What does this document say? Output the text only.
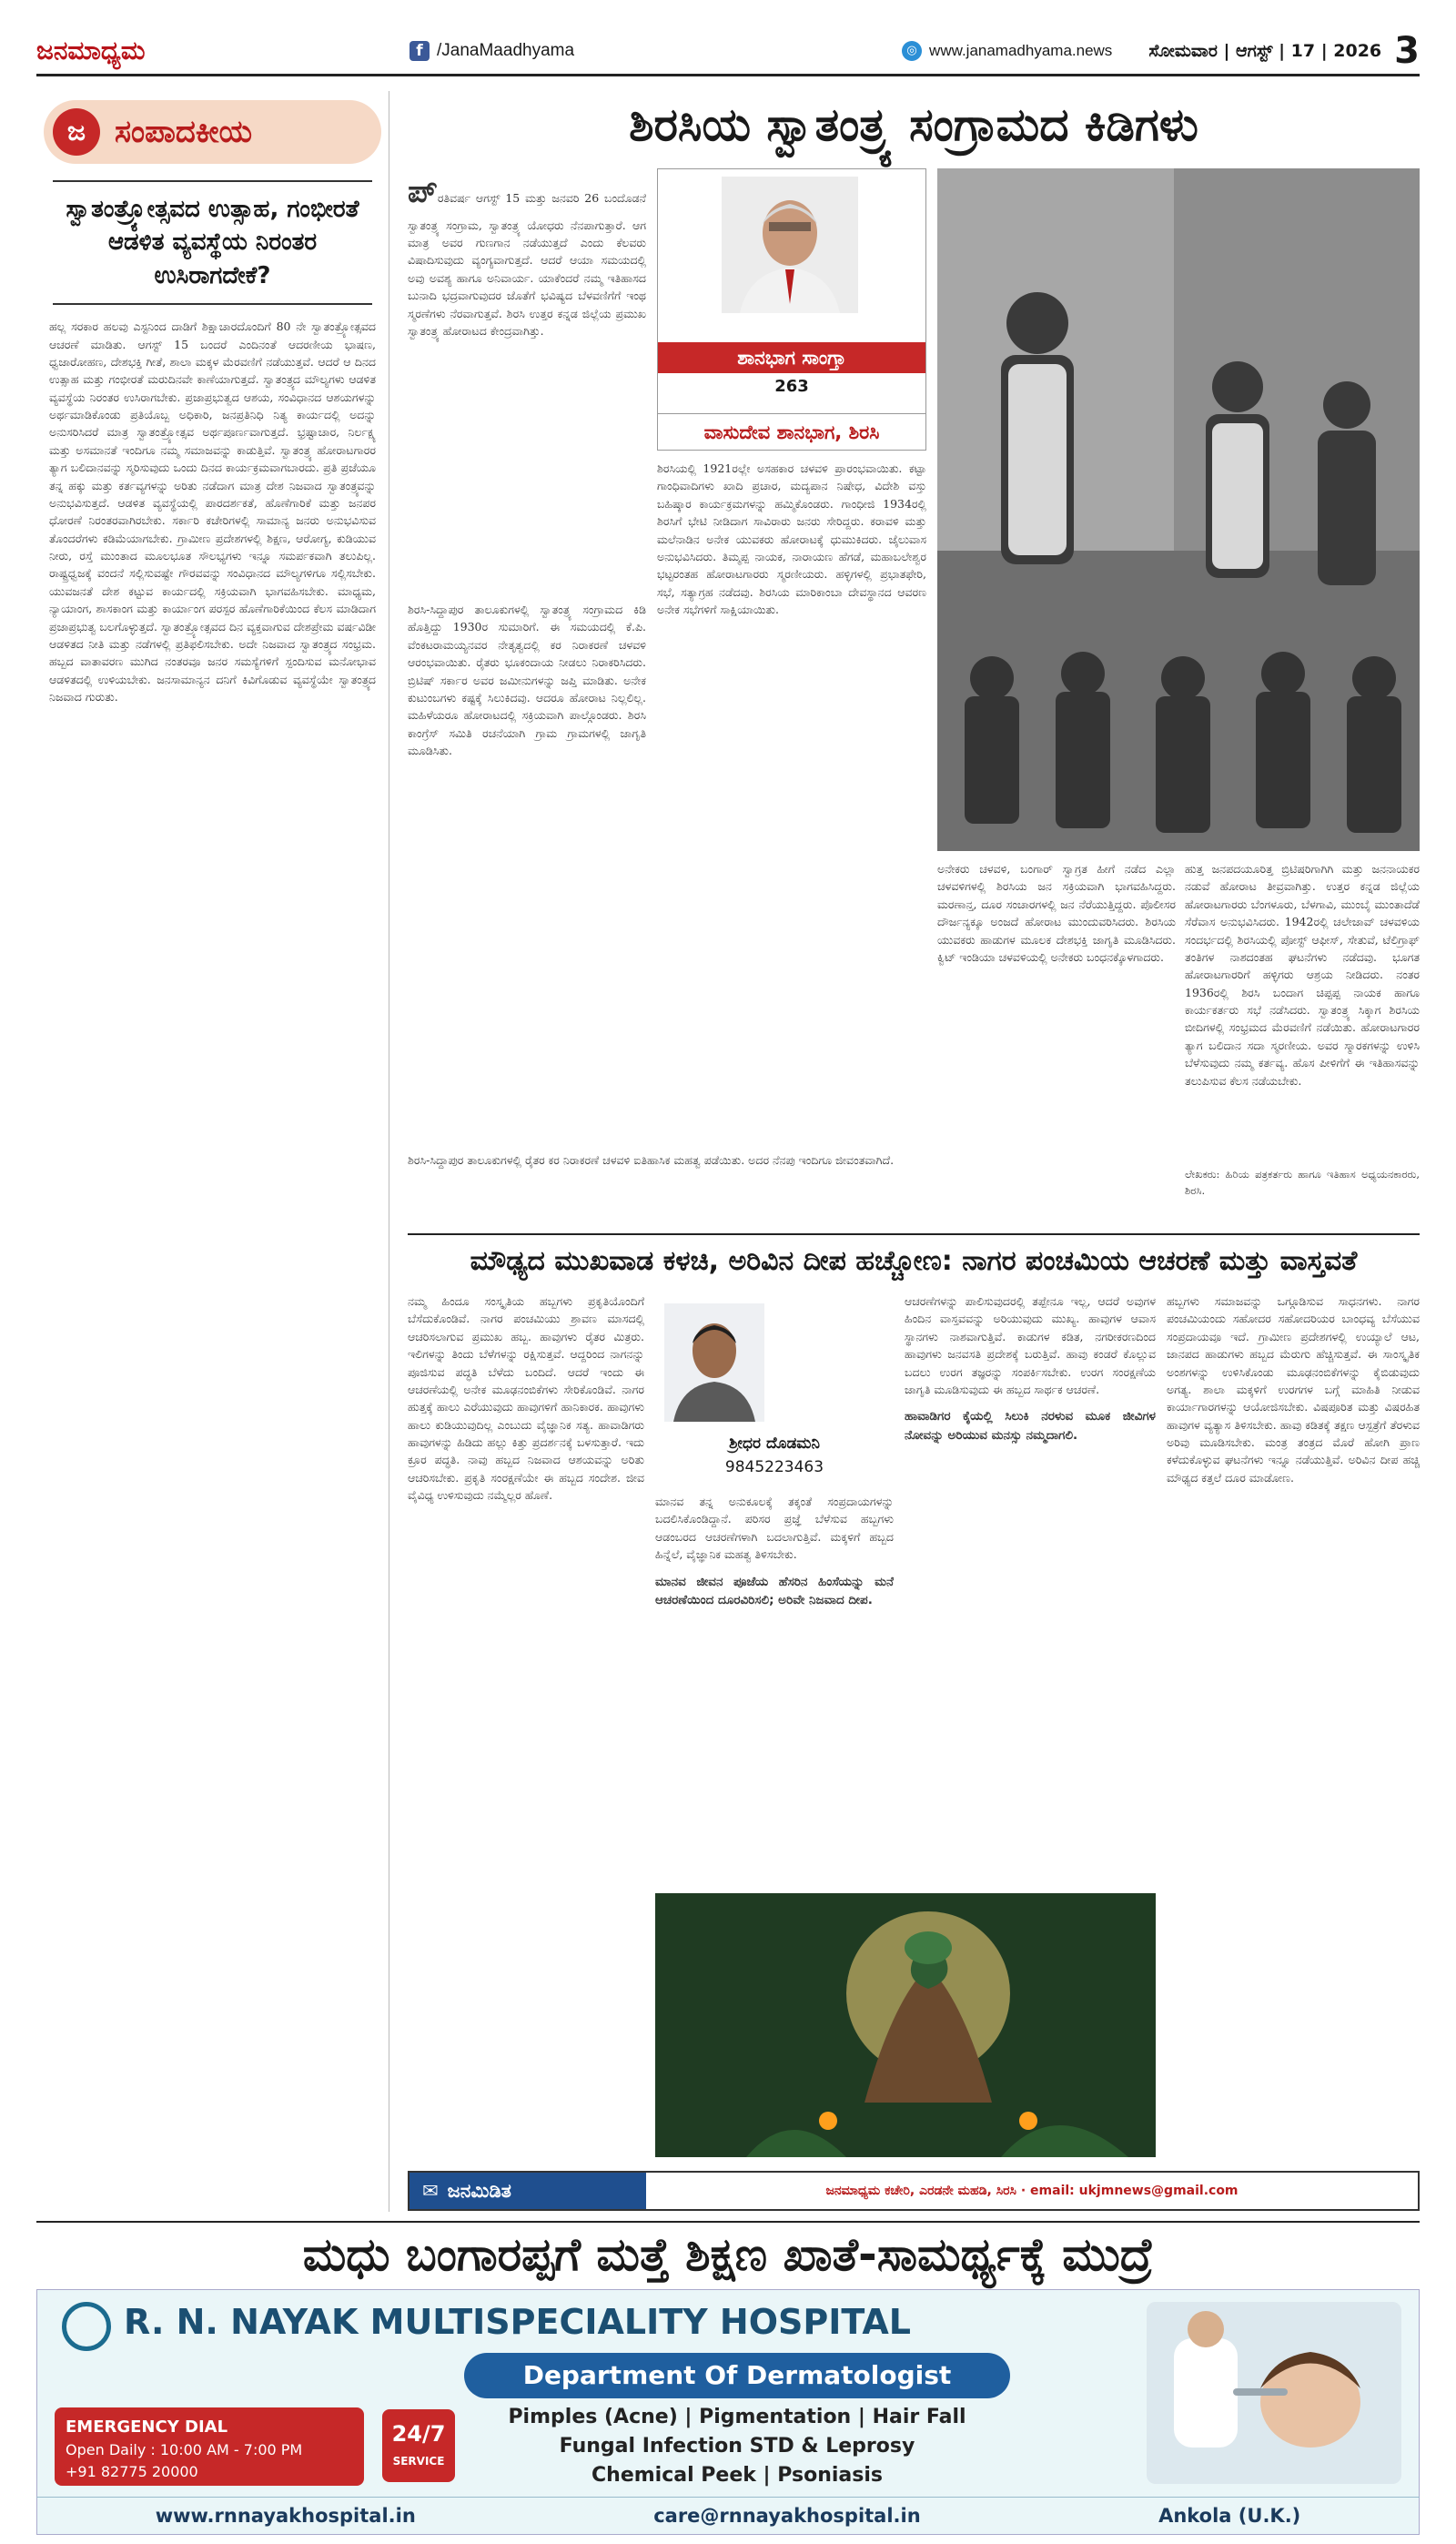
ಜನಮಾಧ್ಯಮ	f /JanaMaadhyama	◎ www.janamadhyama.news ಸೋಮವಾರ | ಆಗಸ್ಟ್ | 17 | 2026 3
ಜ ಸಂಪಾದಕೀಯ
ಸ್ವಾತಂತ್ರ್ಯೋತ್ಸವದ ಉತ್ಸಾಹ, ಗಂಭೀರತೆ ಆಡಳಿತ ವ್ಯವಸ್ಥೆಯ ನಿರಂತರ ಉಸಿರಾಗದೇಕೆ?

ಹಲ್ಲ ಸರಕಾರ ಹಲವು ಎಸ್ಟನಿಂದ ದಾಡಿಗೆ ಶಿಕ್ಷಾಚಾರದೊಂದಿಗೆ 80 ನೇ ಸ್ವಾತಂತ್ರ್ಯೋತ್ಸವದ ಆಚರಣೆ ಮಾಡಿತು. ಆಗಸ್ಟ್ 15 ಬಂದರೆ ಎಂದಿನಂತೆ ಆದರಣೀಯ ಭಾಷಣ, ಧ್ವಜಾರೋಹಣ, ದೇಶಭಕ್ತಿ ಗೀತೆ, ಶಾಲಾ ಮಕ್ಕಳ ಮೆರವಣಿಗೆ ನಡೆಯುತ್ತವೆ. ಆದರೆ ಆ ದಿನದ ಉತ್ಸಾಹ ಮತ್ತು ಗಂಭೀರತೆ ಮರುದಿನವೇ ಕಾಣೆಯಾಗುತ್ತದೆ. ಸ್ವಾತಂತ್ರ್ಯದ ಮೌಲ್ಯಗಳು ಆಡಳಿತ ವ್ಯವಸ್ಥೆಯ ನಿರಂತರ ಉಸಿರಾಗಬೇಕು. ಪ್ರಜಾಪ್ರಭುತ್ವದ ಆಶಯ, ಸಂವಿಧಾನದ ಆಶಯಗಳನ್ನು ಅರ್ಥಮಾಡಿಕೊಂಡು ಪ್ರತಿಯೊಬ್ಬ ಅಧಿಕಾರಿ, ಜನಪ್ರತಿನಿಧಿ ನಿತ್ಯ ಕಾರ್ಯದಲ್ಲಿ ಅದನ್ನು ಅನುಸರಿಸಿದರೆ ಮಾತ್ರ ಸ್ವಾತಂತ್ರ್ಯೋತ್ಸವ ಅರ್ಥಪೂರ್ಣವಾಗುತ್ತದೆ. ಭ್ರಷ್ಟಾಚಾರ, ನಿರ್ಲಕ್ಷ್ಯ ಮತ್ತು ಅಸಮಾನತೆ ಇಂದಿಗೂ ನಮ್ಮ ಸಮಾಜವನ್ನು ಕಾಡುತ್ತಿವೆ. ಸ್ವಾತಂತ್ರ್ಯ ಹೋರಾಟಗಾರರ ತ್ಯಾಗ ಬಲಿದಾನವನ್ನು ಸ್ಮರಿಸುವುದು ಒಂದು ದಿನದ ಕಾರ್ಯಕ್ರಮವಾಗಬಾರದು. ಪ್ರತಿ ಪ್ರಜೆಯೂ ತನ್ನ ಹಕ್ಕು ಮತ್ತು ಕರ್ತವ್ಯಗಳನ್ನು ಅರಿತು ನಡೆದಾಗ ಮಾತ್ರ ದೇಶ ನಿಜವಾದ ಸ್ವಾತಂತ್ರ್ಯವನ್ನು ಅನುಭವಿಸುತ್ತದೆ. ಆಡಳಿತ ವ್ಯವಸ್ಥೆಯಲ್ಲಿ ಪಾರದರ್ಶಕತೆ, ಹೊಣೆಗಾರಿಕೆ ಮತ್ತು ಜನಪರ ಧೋರಣೆ ನಿರಂತರವಾಗಿರಬೇಕು. ಸರ್ಕಾರಿ ಕಚೇರಿಗಳಲ್ಲಿ ಸಾಮಾನ್ಯ ಜನರು ಅನುಭವಿಸುವ ತೊಂದರೆಗಳು ಕಡಿಮೆಯಾಗಬೇಕು. ಗ್ರಾಮೀಣ ಪ್ರದೇಶಗಳಲ್ಲಿ ಶಿಕ್ಷಣ, ಆರೋಗ್ಯ, ಕುಡಿಯುವ ನೀರು, ರಸ್ತೆ ಮುಂತಾದ ಮೂಲಭೂತ ಸೌಲಭ್ಯಗಳು ಇನ್ನೂ ಸಮರ್ಪಕವಾಗಿ ತಲುಪಿಲ್ಲ. ರಾಷ್ಟ್ರಧ್ವಜಕ್ಕೆ ವಂದನೆ ಸಲ್ಲಿಸುವಷ್ಟೇ ಗೌರವವನ್ನು ಸಂವಿಧಾನದ ಮೌಲ್ಯಗಳಿಗೂ ಸಲ್ಲಿಸಬೇಕು. ಯುವಜನತೆ ದೇಶ ಕಟ್ಟುವ ಕಾರ್ಯದಲ್ಲಿ ಸಕ್ರಿಯವಾಗಿ ಭಾಗವಹಿಸಬೇಕು. ಮಾಧ್ಯಮ, ನ್ಯಾಯಾಂಗ, ಶಾಸಕಾಂಗ ಮತ್ತು ಕಾರ್ಯಾಂಗ ಪರಸ್ಪರ ಹೊಣೆಗಾರಿಕೆಯಿಂದ ಕೆಲಸ ಮಾಡಿದಾಗ ಪ್ರಜಾಪ್ರಭುತ್ವ ಬಲಗೊಳ್ಳುತ್ತದೆ. ಸ್ವಾತಂತ್ರ್ಯೋತ್ಸವದ ದಿನ ವ್ಯಕ್ತವಾಗುವ ದೇಶಪ್ರೇಮ ವರ್ಷವಿಡೀ ಆಡಳಿತದ ನೀತಿ ಮತ್ತು ನಡೆಗಳಲ್ಲಿ ಪ್ರತಿಫಲಿಸಬೇಕು. ಅದೇ ನಿಜವಾದ ಸ್ವಾತಂತ್ರ್ಯದ ಸಂಭ್ರಮ. ಹಬ್ಬದ ವಾತಾವರಣ ಮುಗಿದ ನಂತರವೂ ಜನರ ಸಮಸ್ಯೆಗಳಿಗೆ ಸ್ಪಂದಿಸುವ ಮನೋಭಾವ ಆಡಳಿತದಲ್ಲಿ ಉಳಿಯಬೇಕು. ಜನಸಾಮಾನ್ಯನ ದನಿಗೆ ಕಿವಿಗೊಡುವ ವ್ಯವಸ್ಥೆಯೇ ಸ್ವಾತಂತ್ರ್ಯದ ನಿಜವಾದ ಗುರುತು.

ಶಿರಸಿಯ ಸ್ವಾತಂತ್ರ್ಯ ಸಂಗ್ರಾಮದ ಕಿಡಿಗಳು

ಪ್ರತಿವರ್ಷ ಆಗಸ್ಟ್ 15 ಮತ್ತು ಜನವರಿ 26 ಬಂದೊಡನೆ ಸ್ವಾತಂತ್ರ್ಯ ಸಂಗ್ರಾಮ, ಸ್ವಾತಂತ್ರ್ಯ ಯೋಧರು ನೆನಪಾಗುತ್ತಾರೆ. ಆಗ ಮಾತ್ರ ಅವರ ಗುಣಗಾನ ನಡೆಯುತ್ತದೆ ಎಂದು ಕೆಲವರು ವಿಷಾದಿಸುವುದು ವ್ಯಂಗ್ಯವಾಗುತ್ತದೆ. ಆದರೆ ಆಯಾ ಸಮಯದಲ್ಲಿ ಅವು ಅವಶ್ಯ ಹಾಗೂ ಅನಿವಾರ್ಯ. ಯಾಕೆಂದರೆ ನಮ್ಮ ಇತಿಹಾಸದ ಬುನಾದಿ ಭದ್ರವಾಗುವುದರ ಜೊತೆಗೆ ಭವಿಷ್ಯದ ಬೆಳವಣಿಗೆಗೆ ಇಂಥ ಸ್ಮರಣೆಗಳು ನೆರವಾಗುತ್ತವೆ. ಶಿರಸಿ ಉತ್ತರ ಕನ್ನಡ ಜಿಲ್ಲೆಯ ಪ್ರಮುಖ ಸ್ವಾತಂತ್ರ್ಯ ಹೋರಾಟದ ಕೇಂದ್ರವಾಗಿತ್ತು.

ಶಾನಭಾಗ ಸಾಂಗ್ತಾ
263
ವಾಸುದೇವ ಶಾನಭಾಗ, ಶಿರಸಿ

ಶಿರಸಿಯಲ್ಲಿ 1921ರಲ್ಲೇ ಅಸಹಕಾರ ಚಳವಳಿ ಪ್ರಾರಂಭವಾಯಿತು. ಕಟ್ಟಾ ಗಾಂಧಿವಾದಿಗಳು ಖಾದಿ ಪ್ರಚಾರ, ಮದ್ಯಪಾನ ನಿಷೇಧ, ವಿದೇಶಿ ವಸ್ತು ಬಹಿಷ್ಕಾರ ಕಾರ್ಯಕ್ರಮಗಳನ್ನು ಹಮ್ಮಿಕೊಂಡರು. ಗಾಂಧೀಜಿ 1934ರಲ್ಲಿ ಶಿರಸಿಗೆ ಭೇಟಿ ನೀಡಿದಾಗ ಸಾವಿರಾರು ಜನರು ಸೇರಿದ್ದರು. ಕರಾವಳಿ ಮತ್ತು ಮಲೆನಾಡಿನ ಅನೇಕ ಯುವಕರು ಹೋರಾಟಕ್ಕೆ ಧುಮುಕಿದರು. ಜೈಲುವಾಸ ಅನುಭವಿಸಿದರು. ತಿಮ್ಮಪ್ಪ ನಾಯಕ, ನಾರಾಯಣ ಹೆಗಡೆ, ಮಹಾಬಲೇಶ್ವರ ಭಟ್ಟರಂತಹ ಹೋರಾಟಗಾರರು ಸ್ಮರಣೀಯರು. ಹಳ್ಳಿಗಳಲ್ಲಿ ಪ್ರಭಾತಫೇರಿ, ಸಭೆ, ಸತ್ಯಾಗ್ರಹ ನಡೆದವು. ಶಿರಸಿಯ ಮಾರಿಕಾಂಬಾ ದೇವಸ್ಥಾನದ ಆವರಣ ಅನೇಕ ಸಭೆಗಳಿಗೆ ಸಾಕ್ಷಿಯಾಯಿತು.

ಶಿರಸಿ-ಸಿದ್ದಾಪುರ ತಾಲೂಕುಗಳಲ್ಲಿ ಸ್ವಾತಂತ್ರ್ಯ ಸಂಗ್ರಾಮದ ಕಿಡಿ ಹೊತ್ತಿದ್ದು 1930ರ ಸುಮಾರಿಗೆ. ಈ ಸಮಯದಲ್ಲಿ ಕೆ.ಪಿ. ವೆಂಕಟರಾಮಯ್ಯನವರ ನೇತೃತ್ವದಲ್ಲಿ ಕರ ನಿರಾಕರಣೆ ಚಳವಳಿ ಆರಂಭವಾಯಿತು. ರೈತರು ಭೂಕಂದಾಯ ನೀಡಲು ನಿರಾಕರಿಸಿದರು. ಬ್ರಿಟಿಷ್ ಸರ್ಕಾರ ಅವರ ಜಮೀನುಗಳನ್ನು ಜಪ್ತಿ ಮಾಡಿತು. ಅನೇಕ ಕುಟುಂಬಗಳು ಕಷ್ಟಕ್ಕೆ ಸಿಲುಕಿದವು. ಆದರೂ ಹೋರಾಟ ನಿಲ್ಲಲಿಲ್ಲ. ಮಹಿಳೆಯರೂ ಹೋರಾಟದಲ್ಲಿ ಸಕ್ರಿಯವಾಗಿ ಪಾಲ್ಗೊಂಡರು. ಶಿರಸಿ ಕಾಂಗ್ರೆಸ್ ಸಮಿತಿ ರಚನೆಯಾಗಿ ಗ್ರಾಮ ಗ್ರಾಮಗಳಲ್ಲಿ ಜಾಗೃತಿ ಮೂಡಿಸಿತು.

ಅನೇಕರು ಚಳವಳಿ, ಬಂಗಾರ್ ಸ್ವಾಗ್ರತ ಹೀಗೆ ನಡೆದ ಎಲ್ಲಾ ಚಳವಳಿಗಳಲ್ಲಿ ಶಿರಸಿಯ ಜನ ಸಕ್ರಿಯವಾಗಿ ಭಾಗವಹಿಸಿದ್ದರು. ಮರಣಾನ್ತ, ದೂರ ಸಂಚಾರಗಳಲ್ಲಿ ಜನ ನೆರೆಯುತ್ತಿದ್ದರು. ಪೊಲೀಸರ ದೌರ್ಜನ್ಯಕ್ಕೂ ಅಂಜದೆ ಹೋರಾಟ ಮುಂದುವರಿಸಿದರು. ಶಿರಸಿಯ ಯುವಕರು ಹಾಡುಗಳ ಮೂಲಕ ದೇಶಭಕ್ತಿ ಜಾಗೃತಿ ಮೂಡಿಸಿದರು. ಕ್ವಿಟ್ ಇಂಡಿಯಾ ಚಳವಳಿಯಲ್ಲಿ ಅನೇಕರು ಬಂಧನಕ್ಕೊಳಗಾದರು.

ಹುತ್ತ ಜನಪದಯೂರಿತ್ತ ಬ್ರಿಟಿಷರಿಗಾಗಿಗಿ ಮತ್ತು ಜನನಾಯಕರ ನಡುವೆ ಹೋರಾಟ ತೀವ್ರವಾಗಿತ್ತು. ಉತ್ತರ ಕನ್ನಡ ಜಿಲ್ಲೆಯ ಹೋರಾಟಗಾರರು ಬೆಂಗಳೂರು, ಬೆಳಗಾವಿ, ಮುಂಬೈ ಮುಂತಾದೆಡೆ ಸೆರೆವಾಸ ಅನುಭವಿಸಿದರು. 1942ರಲ್ಲಿ ಚಲೇಜಾವ್ ಚಳವಳಿಯ ಸಂದರ್ಭದಲ್ಲಿ ಶಿರಸಿಯಲ್ಲಿ ಪೋಸ್ಟ್ ಆಫೀಸ್, ಸೇತುವೆ, ಟೆಲಿಗ್ರಾಫ್ ತಂತಿಗಳ ನಾಶದಂತಹ ಘಟನೆಗಳು ನಡೆದವು. ಭೂಗತ ಹೋರಾಟಗಾರರಿಗೆ ಹಳ್ಳಿಗರು ಆಶ್ರಯ ನೀಡಿದರು. ನಂತರ 1936ರಲ್ಲಿ ಶಿರಸಿ ಬಂದಾಗ ಚಿಪ್ಪಪ್ಪ ನಾಯಕ ಹಾಗೂ ಕಾರ್ಯಕರ್ತರು ಸಭೆ ನಡೆಸಿದರು. ಸ್ವಾತಂತ್ರ್ಯ ಸಿಕ್ಕಾಗ ಶಿರಸಿಯ ಬೀದಿಗಳಲ್ಲಿ ಸಂಭ್ರಮದ ಮೆರವಣಿಗೆ ನಡೆಯಿತು. ಹೋರಾಟಗಾರರ ತ್ಯಾಗ ಬಲಿದಾನ ಸದಾ ಸ್ಮರಣೀಯ. ಅವರ ಸ್ಮಾರಕಗಳನ್ನು ಉಳಿಸಿ ಬೆಳೆಸುವುದು ನಮ್ಮ ಕರ್ತವ್ಯ. ಹೊಸ ಪೀಳಿಗೆಗೆ ಈ ಇತಿಹಾಸವನ್ನು ತಲುಪಿಸುವ ಕೆಲಸ ನಡೆಯಬೇಕು.

ಶಿರಸಿ-ಸಿದ್ದಾಪುರ ತಾಲೂಕುಗಳಲ್ಲಿ ರೈತರ ಕರ ನಿರಾಕರಣೆ ಚಳವಳಿ ಐತಿಹಾಸಿಕ ಮಹತ್ವ ಪಡೆಯಿತು. ಅದರ ನೆನಪು ಇಂದಿಗೂ ಜೀವಂತವಾಗಿದೆ.

ಲೇಖಕರು: ಹಿರಿಯ ಪತ್ರಕರ್ತರು ಹಾಗೂ ಇತಿಹಾಸ ಅಧ್ಯಯನಕಾರರು, ಶಿರಸಿ.

ಮೌಢ್ಯದ ಮುಖವಾಡ ಕಳಚಿ, ಅರಿವಿನ ದೀಪ ಹಚ್ಚೋಣ: ನಾಗರ ಪಂಚಮಿಯ ಆಚರಣೆ ಮತ್ತು ವಾಸ್ತವತೆ

ನಮ್ಮ ಹಿಂದೂ ಸಂಸ್ಕೃತಿಯ ಹಬ್ಬಗಳು ಪ್ರಕೃತಿಯೊಂದಿಗೆ ಬೆಸೆದುಕೊಂಡಿವೆ. ನಾಗರ ಪಂಚಮಿಯು ಶ್ರಾವಣ ಮಾಸದಲ್ಲಿ ಆಚರಿಸಲಾಗುವ ಪ್ರಮುಖ ಹಬ್ಬ. ಹಾವುಗಳು ರೈತರ ಮಿತ್ರರು. ಇಲಿಗಳನ್ನು ತಿಂದು ಬೆಳೆಗಳನ್ನು ರಕ್ಷಿಸುತ್ತವೆ. ಆದ್ದರಿಂದ ನಾಗನನ್ನು ಪೂಜಿಸುವ ಪದ್ಧತಿ ಬೆಳೆದು ಬಂದಿದೆ. ಆದರೆ ಇಂದು ಈ ಆಚರಣೆಯಲ್ಲಿ ಅನೇಕ ಮೂಢನಂಬಿಕೆಗಳು ಸೇರಿಕೊಂಡಿವೆ. ನಾಗರ ಹುತ್ತಕ್ಕೆ ಹಾಲು ಎರೆಯುವುದು ಹಾವುಗಳಿಗೆ ಹಾನಿಕಾರಕ. ಹಾವುಗಳು ಹಾಲು ಕುಡಿಯುವುದಿಲ್ಲ ಎಂಬುದು ವೈಜ್ಞಾನಿಕ ಸತ್ಯ. ಹಾವಾಡಿಗರು ಹಾವುಗಳನ್ನು ಹಿಡಿದು ಹಲ್ಲು ಕಿತ್ತು ಪ್ರದರ್ಶನಕ್ಕೆ ಬಳಸುತ್ತಾರೆ. ಇದು ಕ್ರೂರ ಪದ್ಧತಿ. ನಾವು ಹಬ್ಬದ ನಿಜವಾದ ಆಶಯವನ್ನು ಅರಿತು ಆಚರಿಸಬೇಕು. ಪ್ರಕೃತಿ ಸಂರಕ್ಷಣೆಯೇ ಈ ಹಬ್ಬದ ಸಂದೇಶ. ಜೀವ ವೈವಿಧ್ಯ ಉಳಿಸುವುದು ನಮ್ಮೆಲ್ಲರ ಹೊಣೆ.

ಶ್ರೀಧರ ದೊಡಮನಿ
9845223463

ಮಾನವ ತನ್ನ ಅನುಕೂಲಕ್ಕೆ ತಕ್ಕಂತೆ ಸಂಪ್ರದಾಯಗಳನ್ನು ಬದಲಿಸಿಕೊಂಡಿದ್ದಾನೆ. ಪರಿಸರ ಪ್ರಜ್ಞೆ ಬೆಳೆಸುವ ಹಬ್ಬಗಳು ಆಡಂಬರದ ಆಚರಣೆಗಳಾಗಿ ಬದಲಾಗುತ್ತಿವೆ. ಮಕ್ಕಳಿಗೆ ಹಬ್ಬದ ಹಿನ್ನೆಲೆ, ವೈಜ್ಞಾನಿಕ ಮಹತ್ವ ತಿಳಿಸಬೇಕು.

ಮಾನವ ಜೀವನ ಪೂಜೆಯ ಹೆಸರಿನ ಹಿಂಸೆಯನ್ನು ಮನೆ ಆಚರಣೆಯಿಂದ ದೂರವಿರಿಸಲಿ; ಅರಿವೇ ನಿಜವಾದ ದೀಪ.

ಆಚರಣೆಗಳನ್ನು ಪಾಲಿಸುವುದರಲ್ಲಿ ತಪ್ಪೇನೂ ಇಲ್ಲ, ಆದರೆ ಅವುಗಳ ಹಿಂದಿನ ವಾಸ್ತವವನ್ನು ಅರಿಯುವುದು ಮುಖ್ಯ. ಹಾವುಗಳ ಆವಾಸ ಸ್ಥಾನಗಳು ನಾಶವಾಗುತ್ತಿವೆ. ಕಾಡುಗಳ ಕಡಿತ, ನಗರೀಕರಣದಿಂದ ಹಾವುಗಳು ಜನವಸತಿ ಪ್ರದೇಶಕ್ಕೆ ಬರುತ್ತಿವೆ. ಹಾವು ಕಂಡರೆ ಕೊಲ್ಲುವ ಬದಲು ಉರಗ ತಜ್ಞರನ್ನು ಸಂಪರ್ಕಿಸಬೇಕು. ಉರಗ ಸಂರಕ್ಷಣೆಯ ಜಾಗೃತಿ ಮೂಡಿಸುವುದು ಈ ಹಬ್ಬದ ಸಾರ್ಥಕ ಆಚರಣೆ.

ಹಾವಾಡಿಗರ ಕೈಯಲ್ಲಿ ಸಿಲುಕಿ ನರಳುವ ಮೂಕ ಜೀವಿಗಳ ನೋವನ್ನು ಅರಿಯುವ ಮನಸ್ಸು ನಮ್ಮದಾಗಲಿ.

ಹಬ್ಬಗಳು ಸಮಾಜವನ್ನು ಒಗ್ಗೂಡಿಸುವ ಸಾಧನಗಳು. ನಾಗರ ಪಂಚಮಿಯಂದು ಸಹೋದರ ಸಹೋದರಿಯರ ಬಾಂಧವ್ಯ ಬೆಸೆಯುವ ಸಂಪ್ರದಾಯವೂ ಇದೆ. ಗ್ರಾಮೀಣ ಪ್ರದೇಶಗಳಲ್ಲಿ ಉಯ್ಯಾಲೆ ಆಟ, ಜಾನಪದ ಹಾಡುಗಳು ಹಬ್ಬದ ಮೆರುಗು ಹೆಚ್ಚಿಸುತ್ತವೆ. ಈ ಸಾಂಸ್ಕೃತಿಕ ಅಂಶಗಳನ್ನು ಉಳಿಸಿಕೊಂಡು ಮೂಢನಂಬಿಕೆಗಳನ್ನು ಕೈಬಿಡುವುದು ಅಗತ್ಯ. ಶಾಲಾ ಮಕ್ಕಳಿಗೆ ಉರಗಗಳ ಬಗ್ಗೆ ಮಾಹಿತಿ ನೀಡುವ ಕಾರ್ಯಾಗಾರಗಳನ್ನು ಆಯೋಜಿಸಬೇಕು. ವಿಷಪೂರಿತ ಮತ್ತು ವಿಷರಹಿತ ಹಾವುಗಳ ವ್ಯತ್ಯಾಸ ತಿಳಿಸಬೇಕು. ಹಾವು ಕಡಿತಕ್ಕೆ ತಕ್ಷಣ ಆಸ್ಪತ್ರೆಗೆ ತೆರಳುವ ಅರಿವು ಮೂಡಿಸಬೇಕು. ಮಂತ್ರ ತಂತ್ರದ ಮೊರೆ ಹೋಗಿ ಪ್ರಾಣ ಕಳೆದುಕೊಳ್ಳುವ ಘಟನೆಗಳು ಇನ್ನೂ ನಡೆಯುತ್ತಿವೆ. ಅರಿವಿನ ದೀಪ ಹಚ್ಚಿ ಮೌಢ್ಯದ ಕತ್ತಲೆ ದೂರ ಮಾಡೋಣ.

✉ ಜನಮಿಡಿತ	ಜನಮಾಧ್ಯಮ ಕಚೇರಿ, ಎರಡನೇ ಮಹಡಿ, ಸಿರಸಿ · email: ukjmnews@gmail.com
ಮಧು ಬಂಗಾರಪ್ಪಗೆ ಮತ್ತೆ ಶಿಕ್ಷಣ ಖಾತೆ-ಸಾಮರ್ಥ್ಯಕ್ಕೆ ಮುದ್ರೆ
R. N. NAYAK MULTISPECIALITY HOSPITAL
Department Of Dermatologist
Pimples (Acne) | Pigmentation | Hair Fall
Fungal Infection STD & Leprosy
Chemical Peek | Psoniasis
EMERGENCY DIAL
Open Daily : 10:00 AM - 7:00 PM
+91 82775 20000
24/7
SERVICE
www.rnnayakhospital.in	care@rnnayakhospital.in	Ankola (U.K.)
